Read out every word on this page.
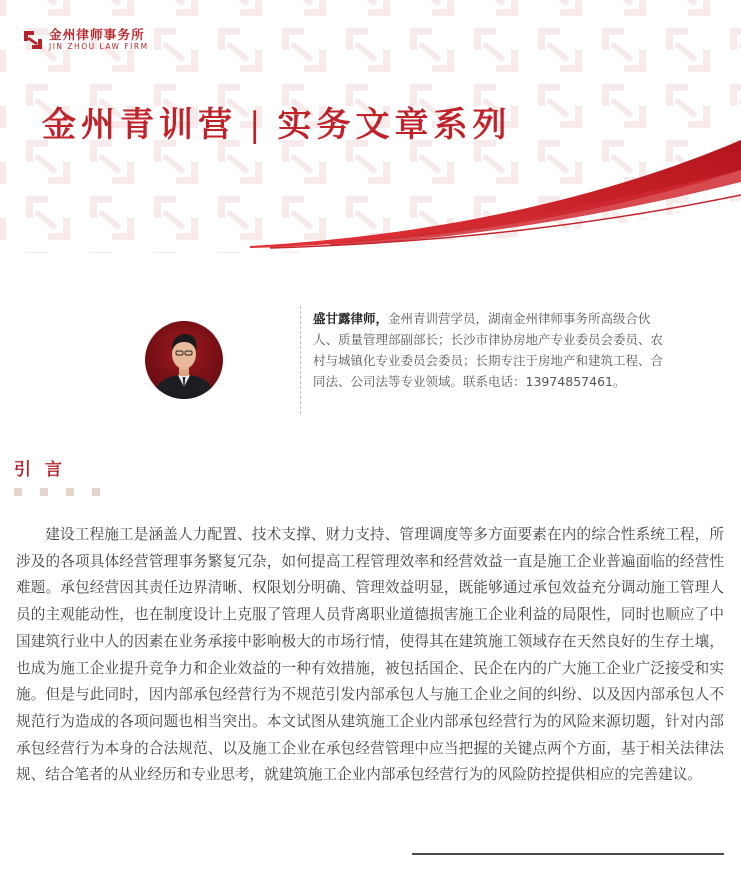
金州律师事务所
JIN ZHOU LAW FIRM
金州青训营 | 实务文章系列

盛甘露律师，金州青训营学员，湖南金州律师事务所高级合伙人、质量管理部副部长；长沙市律协房地产专业委员会委员、农村与城镇化专业委员会委员；长期专注于房地产和建筑工程、合同法、公司法等专业领域。联系电话：13974857461。

引 言

建设工程施工是涵盖人力配置、技术支撑、财力支持、管理调度等多方面要素在内的综合性系统工程，所涉及的各项具体经营管理事务繁复冗杂，如何提高工程管理效率和经营效益一直是施工企业普遍面临的经营性难题。承包经营因其责任边界清晰、权限划分明确、管理效益明显，既能够通过承包效益充分调动施工管理人员的主观能动性，也在制度设计上克服了管理人员背离职业道德损害施工企业利益的局限性，同时也顺应了中国建筑行业中人的因素在业务承接中影响极大的市场行情，使得其在建筑施工领域存在天然良好的生存土壤，也成为施工企业提升竞争力和企业效益的一种有效措施，被包括国企、民企在内的广大施工企业广泛接受和实施。但是与此同时，因内部承包经营行为不规范引发内部承包人与施工企业之间的纠纷、以及因内部承包人不规范行为造成的各项问题也相当突出。本文试图从建筑施工企业内部承包经营行为的风险来源切题，针对内部承包经营行为本身的合法规范、以及施工企业在承包经营管理中应当把握的关键点两个方面，基于相关法律法规、结合笔者的从业经历和专业思考，就建筑施工企业内部承包经营行为的风险防控提供相应的完善建议。
